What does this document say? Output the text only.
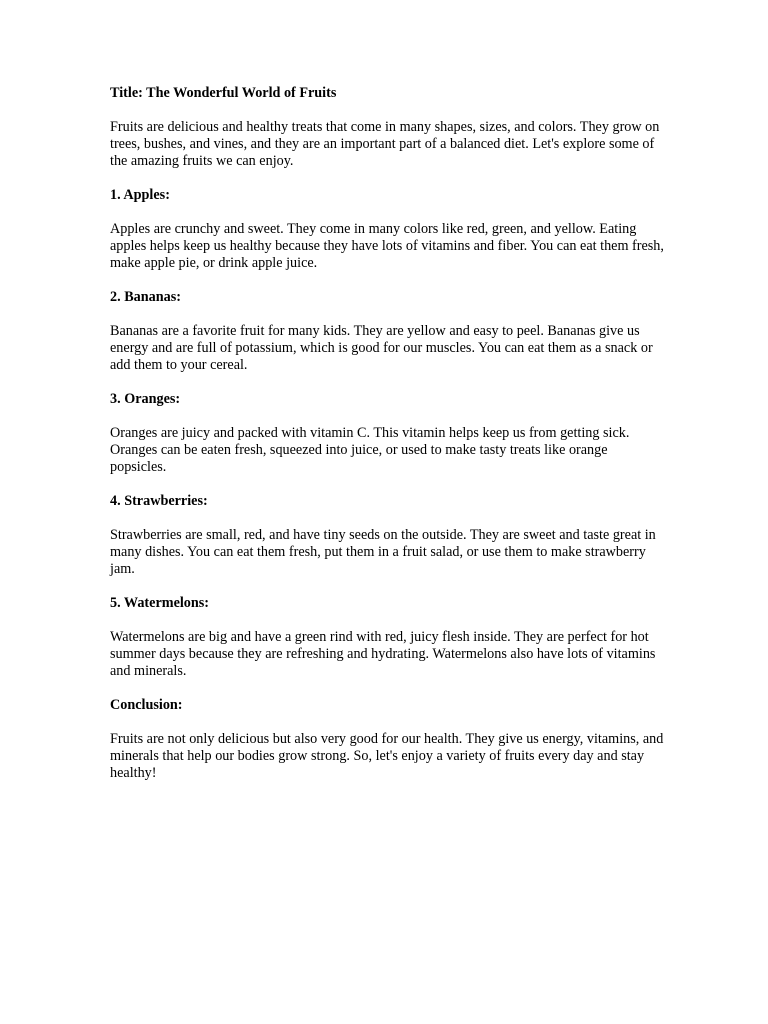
Title: The Wonderful World of Fruits

Fruits are delicious and healthy treats that come in many shapes, sizes, and colors. They grow on trees, bushes, and vines, and they are an important part of a balanced diet. Let's explore some of the amazing fruits we can enjoy.

1. Apples:

Apples are crunchy and sweet. They come in many colors like red, green, and yellow. Eating apples helps keep us healthy because they have lots of vitamins and fiber. You can eat them fresh, make apple pie, or drink apple juice.

2. Bananas:

Bananas are a favorite fruit for many kids. They are yellow and easy to peel. Bananas give us energy and are full of potassium, which is good for our muscles. You can eat them as a snack or add them to your cereal.

3. Oranges:

Oranges are juicy and packed with vitamin C. This vitamin helps keep us from getting sick. Oranges can be eaten fresh, squeezed into juice, or used to make tasty treats like orange popsicles.

4. Strawberries:

Strawberries are small, red, and have tiny seeds on the outside. They are sweet and taste great in many dishes. You can eat them fresh, put them in a fruit salad, or use them to make strawberry jam.

5. Watermelons:

Watermelons are big and have a green rind with red, juicy flesh inside. They are perfect for hot summer days because they are refreshing and hydrating. Watermelons also have lots of vitamins and minerals.

Conclusion:

Fruits are not only delicious but also very good for our health. They give us energy, vitamins, and minerals that help our bodies grow strong. So, let's enjoy a variety of fruits every day and stay healthy!
